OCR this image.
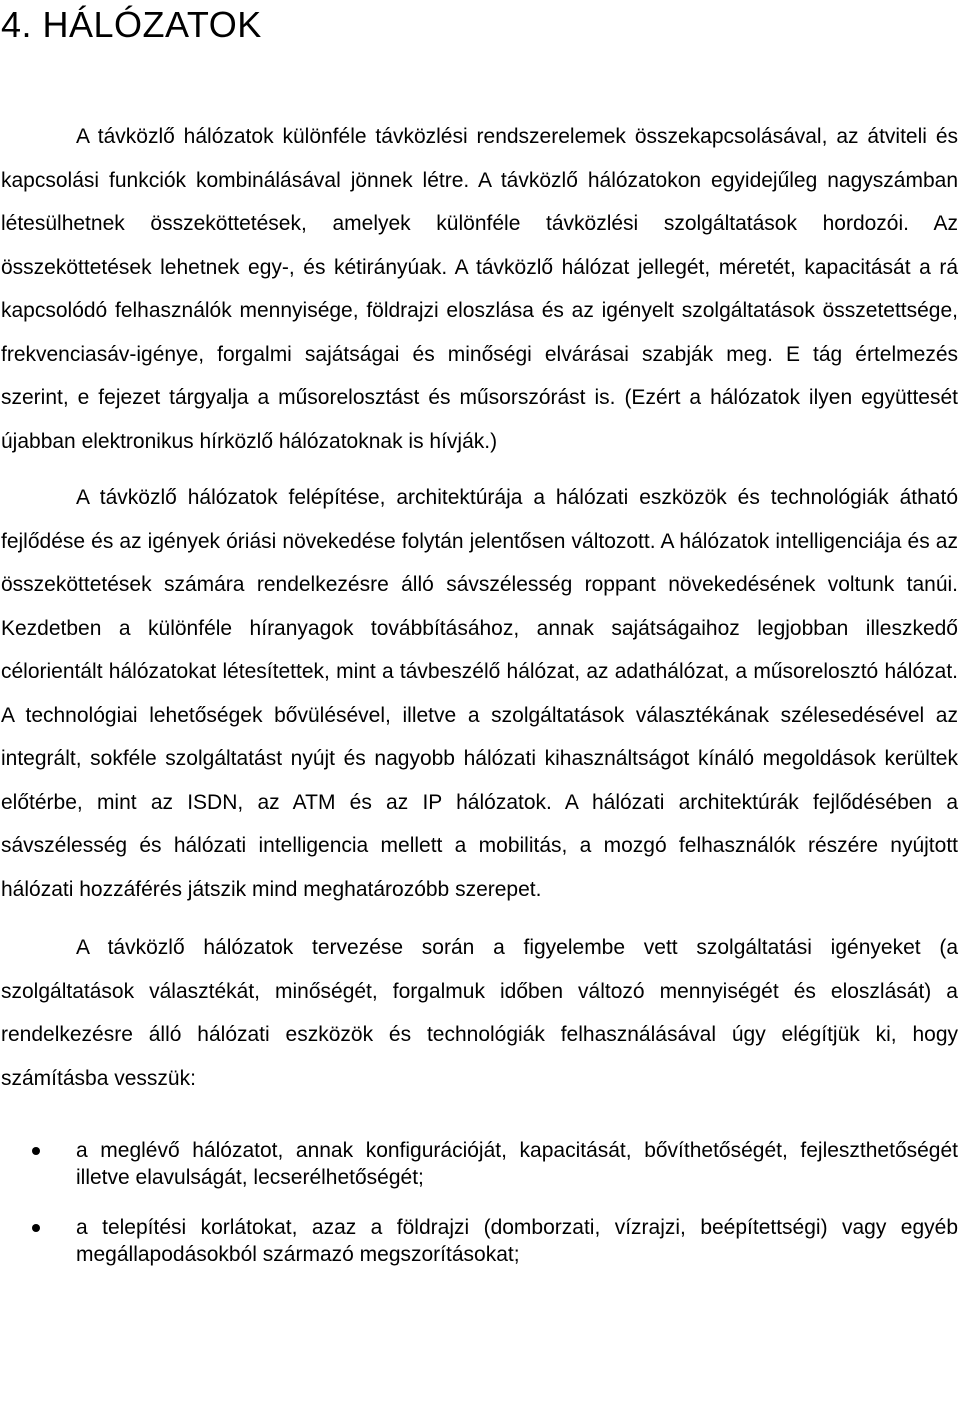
4. HÁLÓZATOK

A távközlő hálózatok különféle távközlési rendszerelemek összekapcsolásával, az átviteli és kapcsolási funkciók kombinálásával jönnek létre. A távközlő hálózatokon egyidejűleg nagyszámban létesülhetnek összeköttetések, amelyek különféle távközlési szolgáltatások hordozói. Az összeköttetések lehetnek egy-, és kétirányúak. A távközlő hálózat jellegét, méretét, kapacitását a rá kapcsolódó felhasználók mennyisége, földrajzi eloszlása és az igényelt szolgáltatások összetettsége, frekvenciasáv-igénye, forgalmi sajátságai és minőségi elvárásai szabják meg. E tág értelmezés szerint, e fejezet tárgyalja a műsorelosztást és műsorszórást is. (Ezért a hálózatok ilyen együttesét újabban elektronikus hírközlő hálózatoknak is hívják.)

A távközlő hálózatok felépítése, architektúrája a hálózati eszközök és technológiák átható fejlődése és az igények óriási növekedése folytán jelentősen változott. A hálózatok intelligenciája és az összeköttetések számára rendelkezésre álló sávszélesség roppant növekedésének voltunk tanúi. Kezdetben a különféle híranyagok továbbításához, annak sajátságaihoz legjobban illeszkedő célorientált hálózatokat létesítettek, mint a távbeszélő hálózat, az adathálózat, a műsorelosztó hálózat. A technológiai lehetőségek bővülésével, illetve a szolgáltatások választékának szélesedésével az integrált, sokféle szolgáltatást nyújt és nagyobb hálózati kihasználtságot kínáló megoldások kerültek előtérbe, mint az ISDN, az ATM és az IP hálózatok. A hálózati architektúrák fejlődésében a sávszélesség és hálózati intelligencia mellett a mobilitás, a mozgó felhasználók részére nyújtott hálózati hozzáférés játszik mind meghatározóbb szerepet.

A távközlő hálózatok tervezése során a figyelembe vett szolgáltatási igényeket (a szolgáltatások választékát, minőségét, forgalmuk időben változó mennyiségét és eloszlását) a rendelkezésre álló hálózati eszközök és technológiák felhasználásával úgy elégítjük ki, hogy számításba vesszük:

a meglévő hálózatot, annak konfigurációját, kapacitását, bővíthetőségét, fejleszthetőségét illetve elavulságát, lecserélhetőségét;
a telepítési korlátokat, azaz a földrajzi (domborzati, vízrajzi, beépítettségi) vagy egyéb megállapodásokból származó megszorításokat;
